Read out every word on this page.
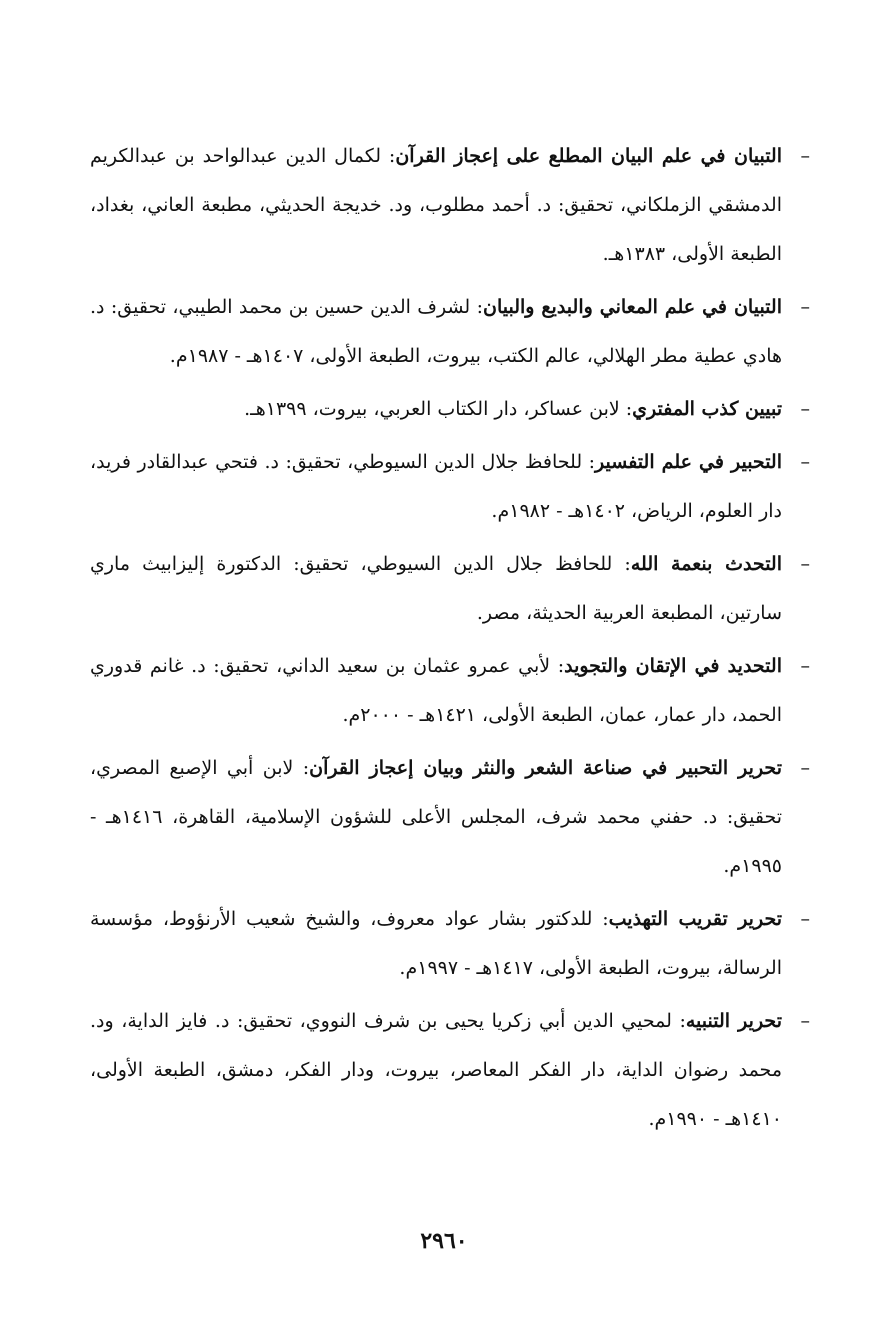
–
التبيان في علم البيان المطلع على إعجاز القرآن: لكمال الدين عبدالواحد بن عبدالكريم الدمشقي الزملكاني، تحقيق: د. أحمد مطلوب، ود. خديجة الحديثي، مطبعة العاني، بغداد، الطبعة الأولى، ١٣٨٣هـ.
–
التبيان في علم المعاني والبديع والبيان: لشرف الدين حسين بن محمد الطيبي، تحقيق: د. هادي عطية مطر الهلالي، عالم الكتب، بيروت، الطبعة الأولى، ١٤٠٧هـ - ١٩٨٧م.
–
تبيين كذب المفتري: لابن عساكر، دار الكتاب العربي، بيروت، ١٣٩٩هـ.
–
التحبير في علم التفسير: للحافظ جلال الدين السيوطي، تحقيق: د. فتحي عبدالقادر فريد، دار العلوم، الرياض، ١٤٠٢هـ - ١٩٨٢م.
–
التحدث بنعمة الله: للحافظ جلال الدين السيوطي، تحقيق: الدكتورة إليزابيث ماري سارتين، المطبعة العربية الحديثة، مصر.
–
التحديد في الإتقان والتجويد: لأبي عمرو عثمان بن سعيد الداني، تحقيق: د. غانم قدوري الحمد، دار عمار، عمان، الطبعة الأولى، ١٤٢١هـ - ٢٠٠٠م.
–
تحرير التحبير في صناعة الشعر والنثر وبيان إعجاز القرآن: لابن أبي الإصبع المصري، تحقيق: د. حفني محمد شرف، المجلس الأعلى للشؤون الإسلامية، القاهرة، ١٤١٦هـ - ١٩٩٥م.
–
تحرير تقريب التهذيب: للدكتور بشار عواد معروف، والشيخ شعيب الأرنؤوط، مؤسسة الرسالة، بيروت، الطبعة الأولى، ١٤١٧هـ - ١٩٩٧م.
–
تحرير التنبيه: لمحيي الدين أبي زكريا يحيى بن شرف النووي، تحقيق: د. فايز الداية، ود. محمد رضوان الداية، دار الفكر المعاصر، بيروت، ودار الفكر، دمشق، الطبعة الأولى، ١٤١٠هـ - ١٩٩٠م.
٢٩٦٠
